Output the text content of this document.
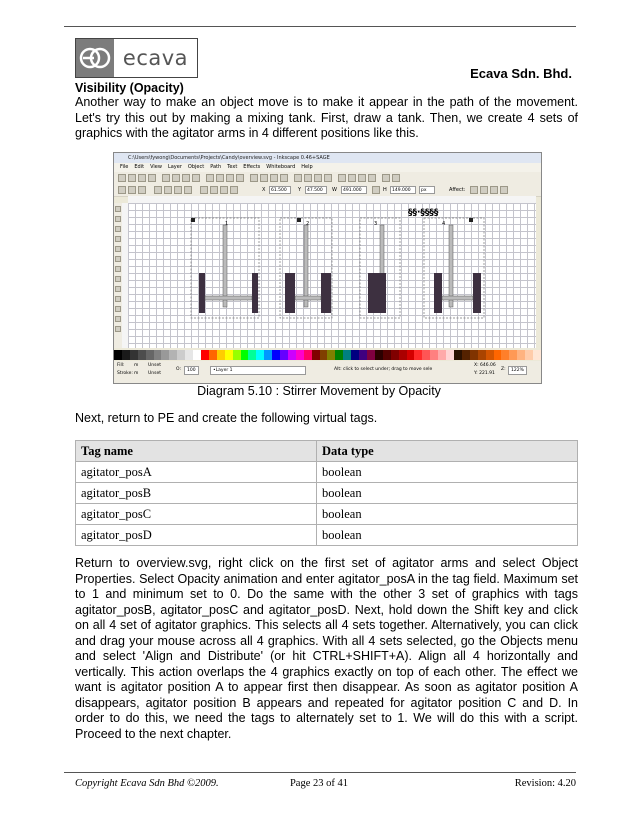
ecava
Ecava Sdn. Bhd.
Visibility (Opacity)

Another way to make an object move is to make it appear in the path of the movement. Let's try this out by making a mixing tank. First, draw a tank. Then, we create 4 sets of graphics with the agitator arms in 4 different positions like this.

C:\Users\fywong\Documents\Projects\Candy\overview.svg - Inkscape 0.46+SAGE
File Edit View Layer Object Path Text Effects Whiteboard Help
X	61.500	Y	47.500	W	491.000	H	149.000	px	Affect:
1	2	3	4
§§·§§§§
Fill: m Unset
Stroke: m Unset
O:	100	•Layer 1	Alt: click to select under; drag to move sele
X: 646.06
Y: 221.91
Z:	122%
Diagram 5.10 : Stirrer Movement by Opacity

Next, return to PE and create the following virtual tags.

Tag name	Data type
agitator_posA	boolean
agitator_posB	boolean
agitator_posC	boolean
agitator_posD	boolean

Return to overview.svg, right click on the first set of agitator arms and select Object Properties. Select Opacity animation and enter agitator_posA in the tag field. Maximum set to 1 and minimum set to 0. Do the same with the other 3 set of graphics with tags agitator_posB, agitator_posC and agitator_posD. Next, hold down the Shift key and click on all 4 set of agitator graphics. This selects all 4 sets together. Alternatively, you can click and drag your mouse across all 4 graphics. With all 4 sets selected, go the Objects menu and select 'Align and Distribute' (or hit CTRL+SHIFT+A). Align all 4 horizontally and vertically. This action overlaps the 4 graphics exactly on top of each other. The effect we want is agitator position A to appear first then disappear. As soon as agitator position A disappears, agitator position B appears and repeated for agitator position C and D. In order to do this, we need the tags to alternately set to 1. We will do this with a script. Proceed to the next chapter.

Copyright Ecava Sdn Bhd ©2009.	Page 23 of 41	Revision: 4.20
